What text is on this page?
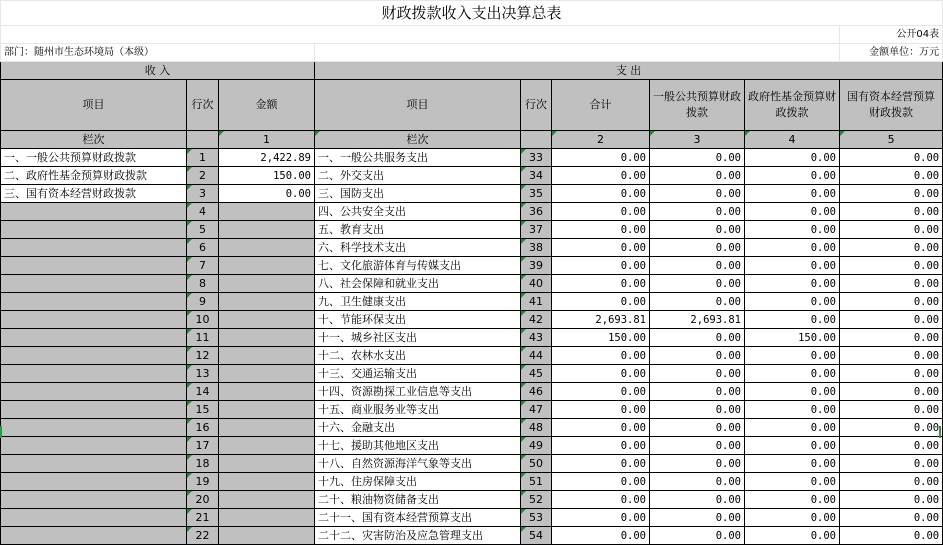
财政拨款收入支出决算总表								
								公开04表
部门：随州市生态环境局（本级）								金额单位：万元
收 入			支 出					
项目	行次	金额	项目	行次	合计	一般公共预算财政拨款	政府性基金预算财政拨款	国有资本经营预算财政拨款
栏次		1	栏次		2	3	4	5
一、一般公共预算财政拨款	1	2,422.89	一、一般公共服务支出	33	0.00	0.00	0.00	0.00
二、政府性基金预算财政拨款	2	150.00	二、外交支出	34	0.00	0.00	0.00	0.00
三、国有资本经营财政拨款	3	0.00	三、国防支出	35	0.00	0.00	0.00	0.00
	4		四、公共安全支出	36	0.00	0.00	0.00	0.00
	5		五、教育支出	37	0.00	0.00	0.00	0.00
	6		六、科学技术支出	38	0.00	0.00	0.00	0.00
	7		七、文化旅游体育与传媒支出	39	0.00	0.00	0.00	0.00
	8		八、社会保障和就业支出	40	0.00	0.00	0.00	0.00
	9		九、卫生健康支出	41	0.00	0.00	0.00	0.00
	10		十、节能环保支出	42	2,693.81	2,693.81	0.00	0.00
	11		十一、城乡社区支出	43	150.00	0.00	150.00	0.00
	12		十二、农林水支出	44	0.00	0.00	0.00	0.00
	13		十三、交通运输支出	45	0.00	0.00	0.00	0.00
	14		十四、资源勘探工业信息等支出	46	0.00	0.00	0.00	0.00
	15		十五、商业服务业等支出	47	0.00	0.00	0.00	0.00
	16		十六、金融支出	48	0.00	0.00	0.00	0.00
	17		十七、援助其他地区支出	49	0.00	0.00	0.00	0.00
	18		十八、自然资源海洋气象等支出	50	0.00	0.00	0.00	0.00
	19		十九、住房保障支出	51	0.00	0.00	0.00	0.00
	20		二十、粮油物资储备支出	52	0.00	0.00	0.00	0.00
	21		二十一、国有资本经营预算支出	53	0.00	0.00	0.00	0.00
	22		二十二、灾害防治及应急管理支出	54	0.00	0.00	0.00	0.00
